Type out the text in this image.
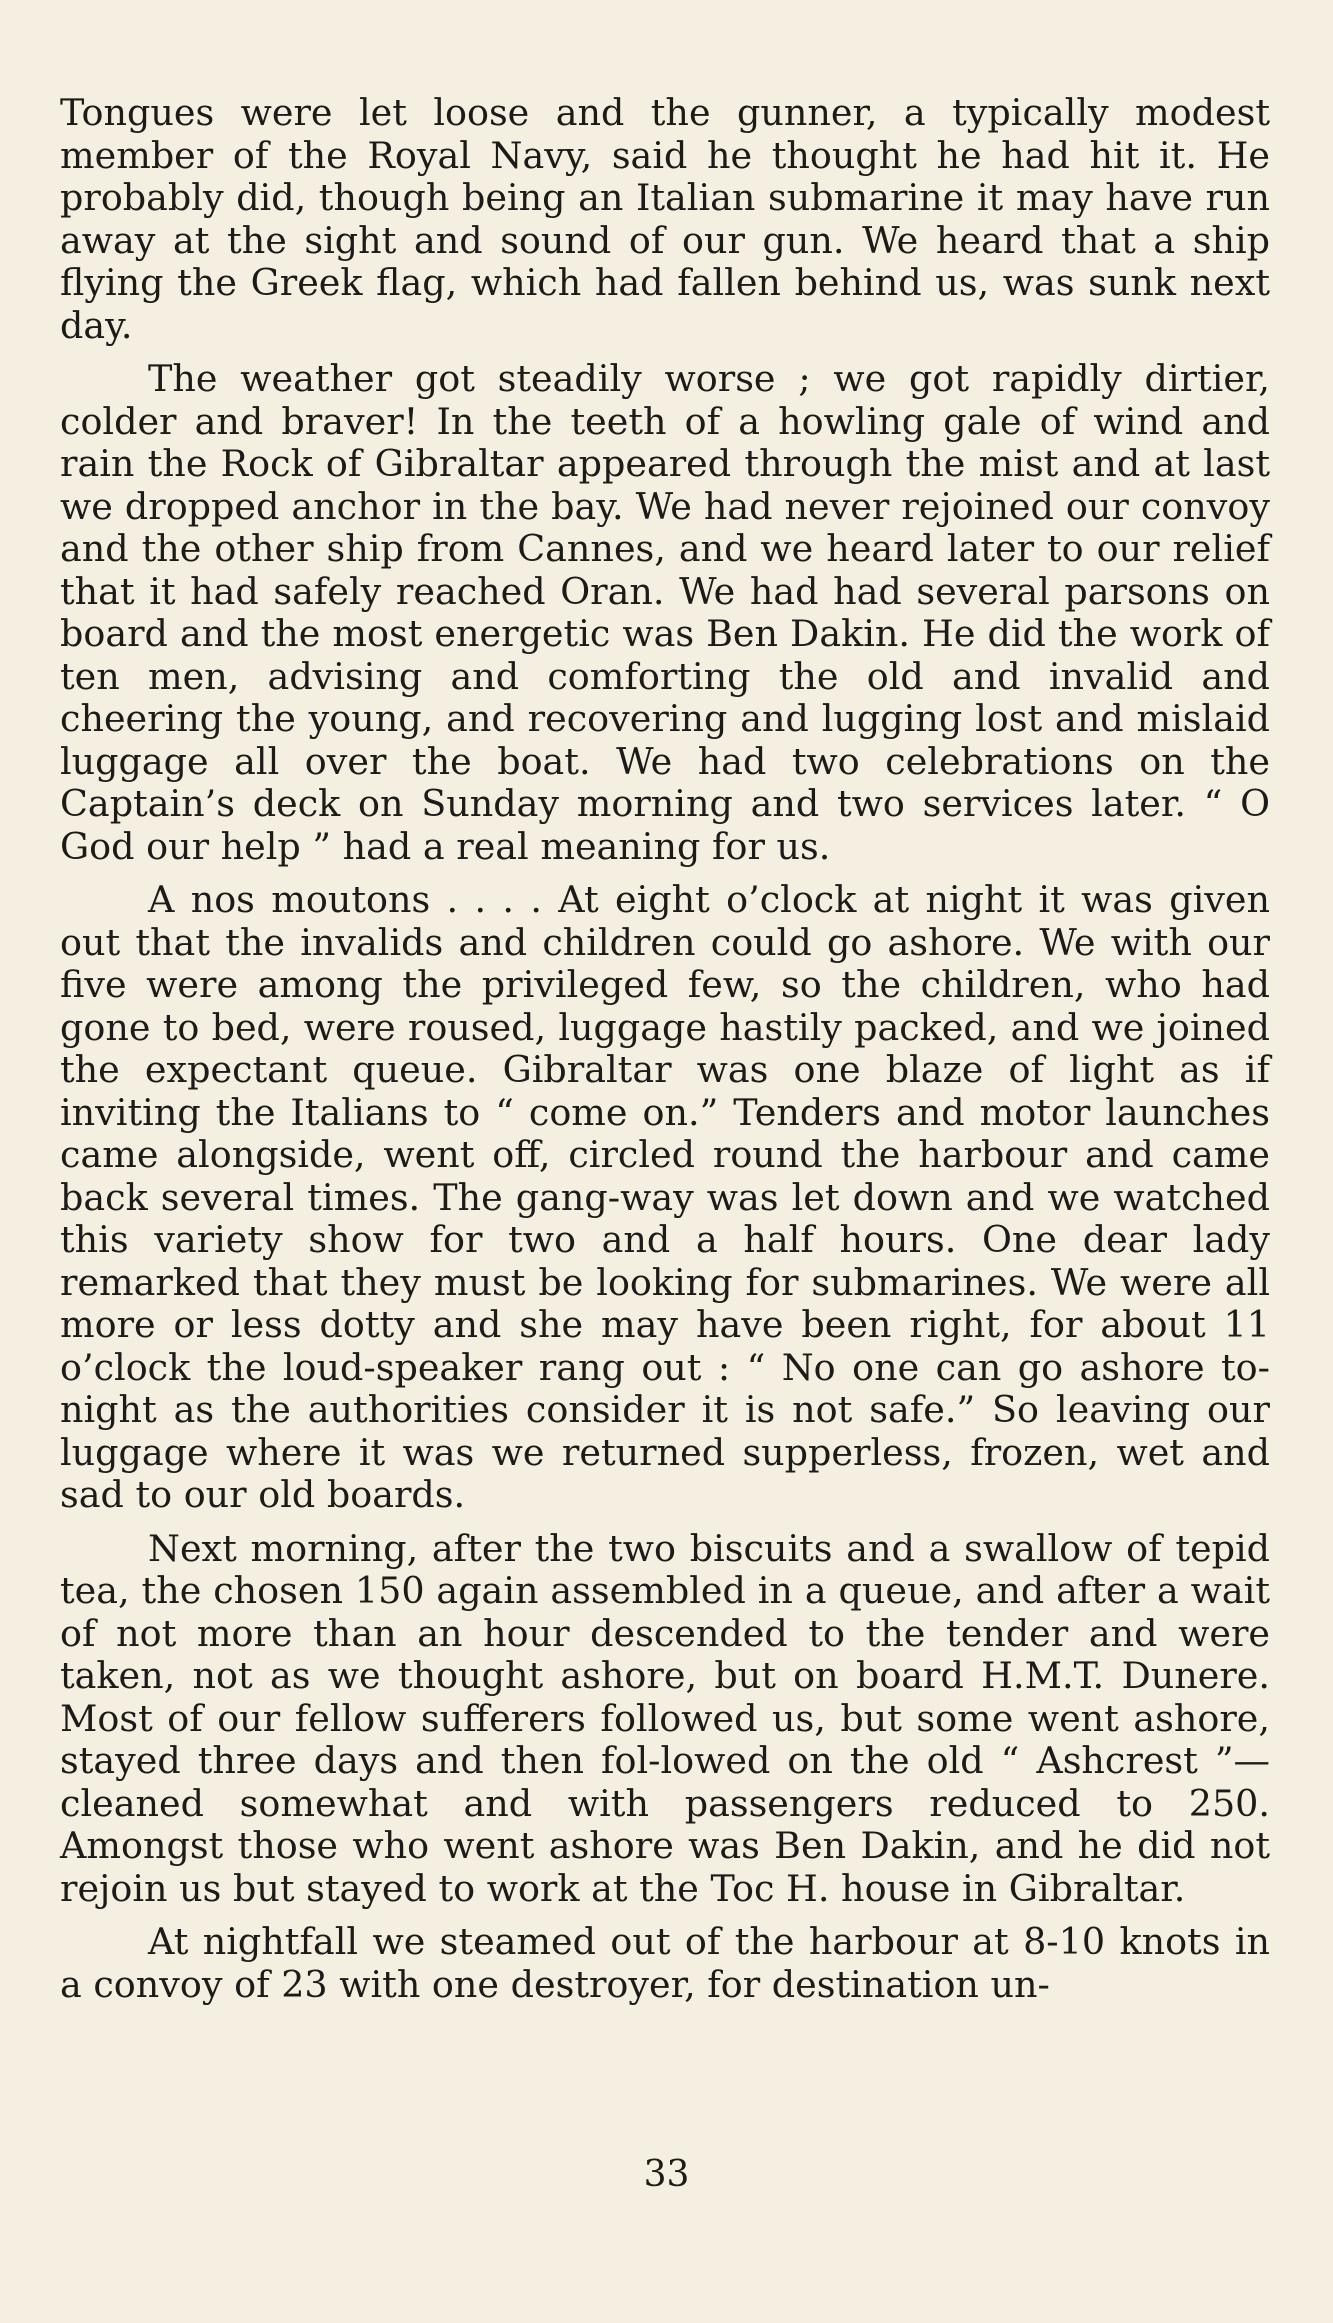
Tongues were let loose and the gunner, a typically modest member of the Royal Navy, said he thought he had hit it. He probably did, though being an Italian submarine it may have run away at the sight and sound of our gun. We heard that a ship flying the Greek flag, which had fallen behind us, was sunk next day.

The weather got steadily worse ; we got rapidly dirtier, colder and braver! In the teeth of a howling gale of wind and rain the Rock of Gibraltar appeared through the mist and at last we dropped anchor in the bay. We had never rejoined our convoy and the other ship from Cannes, and we heard later to our relief that it had safely reached Oran. We had had several parsons on board and the most energetic was Ben Dakin. He did the work of ten men, advising and comforting the old and invalid and cheering the young, and recovering and lugging lost and mislaid luggage all over the boat. We had two celebrations on the Captain’s deck on Sunday morning and two services later. “ O God our help ” had a real meaning for us.

A nos moutons . . . . At eight o’clock at night it was given out that the invalids and children could go ashore. We with our five were among the privileged few, so the children, who had gone to bed, were roused, luggage hastily packed, and we joined the expectant queue. Gibraltar was one blaze of light as if inviting the Italians to “ come on.” Tenders and motor launches came alongside, went off, circled round the harbour and came back several times. The gang-way was let down and we watched this variety show for two and a half hours. One dear lady remarked that they must be looking for submarines. We were all more or less dotty and she may have been right, for about 11 o’clock the loud-speaker rang out : “ No one can go ashore to-night as the authorities consider it is not safe.” So leaving our luggage where it was we returned supperless, frozen, wet and sad to our old boards.

Next morning, after the two biscuits and a swallow of tepid tea, the chosen 150 again assembled in a queue, and after a wait of not more than an hour descended to the tender and were taken, not as we thought ashore, but on board H.M.T. Dunere. Most of our fellow sufferers followed us, but some went ashore, stayed three days and then fol-lowed on the old “ Ashcrest ”—cleaned somewhat and with passengers reduced to 250. Amongst those who went ashore was Ben Dakin, and he did not rejoin us but stayed to work at the Toc H. house in Gibraltar.

At nightfall we steamed out of the harbour at 8-10 knots in a convoy of 23 with one destroyer, for destination un-

33
